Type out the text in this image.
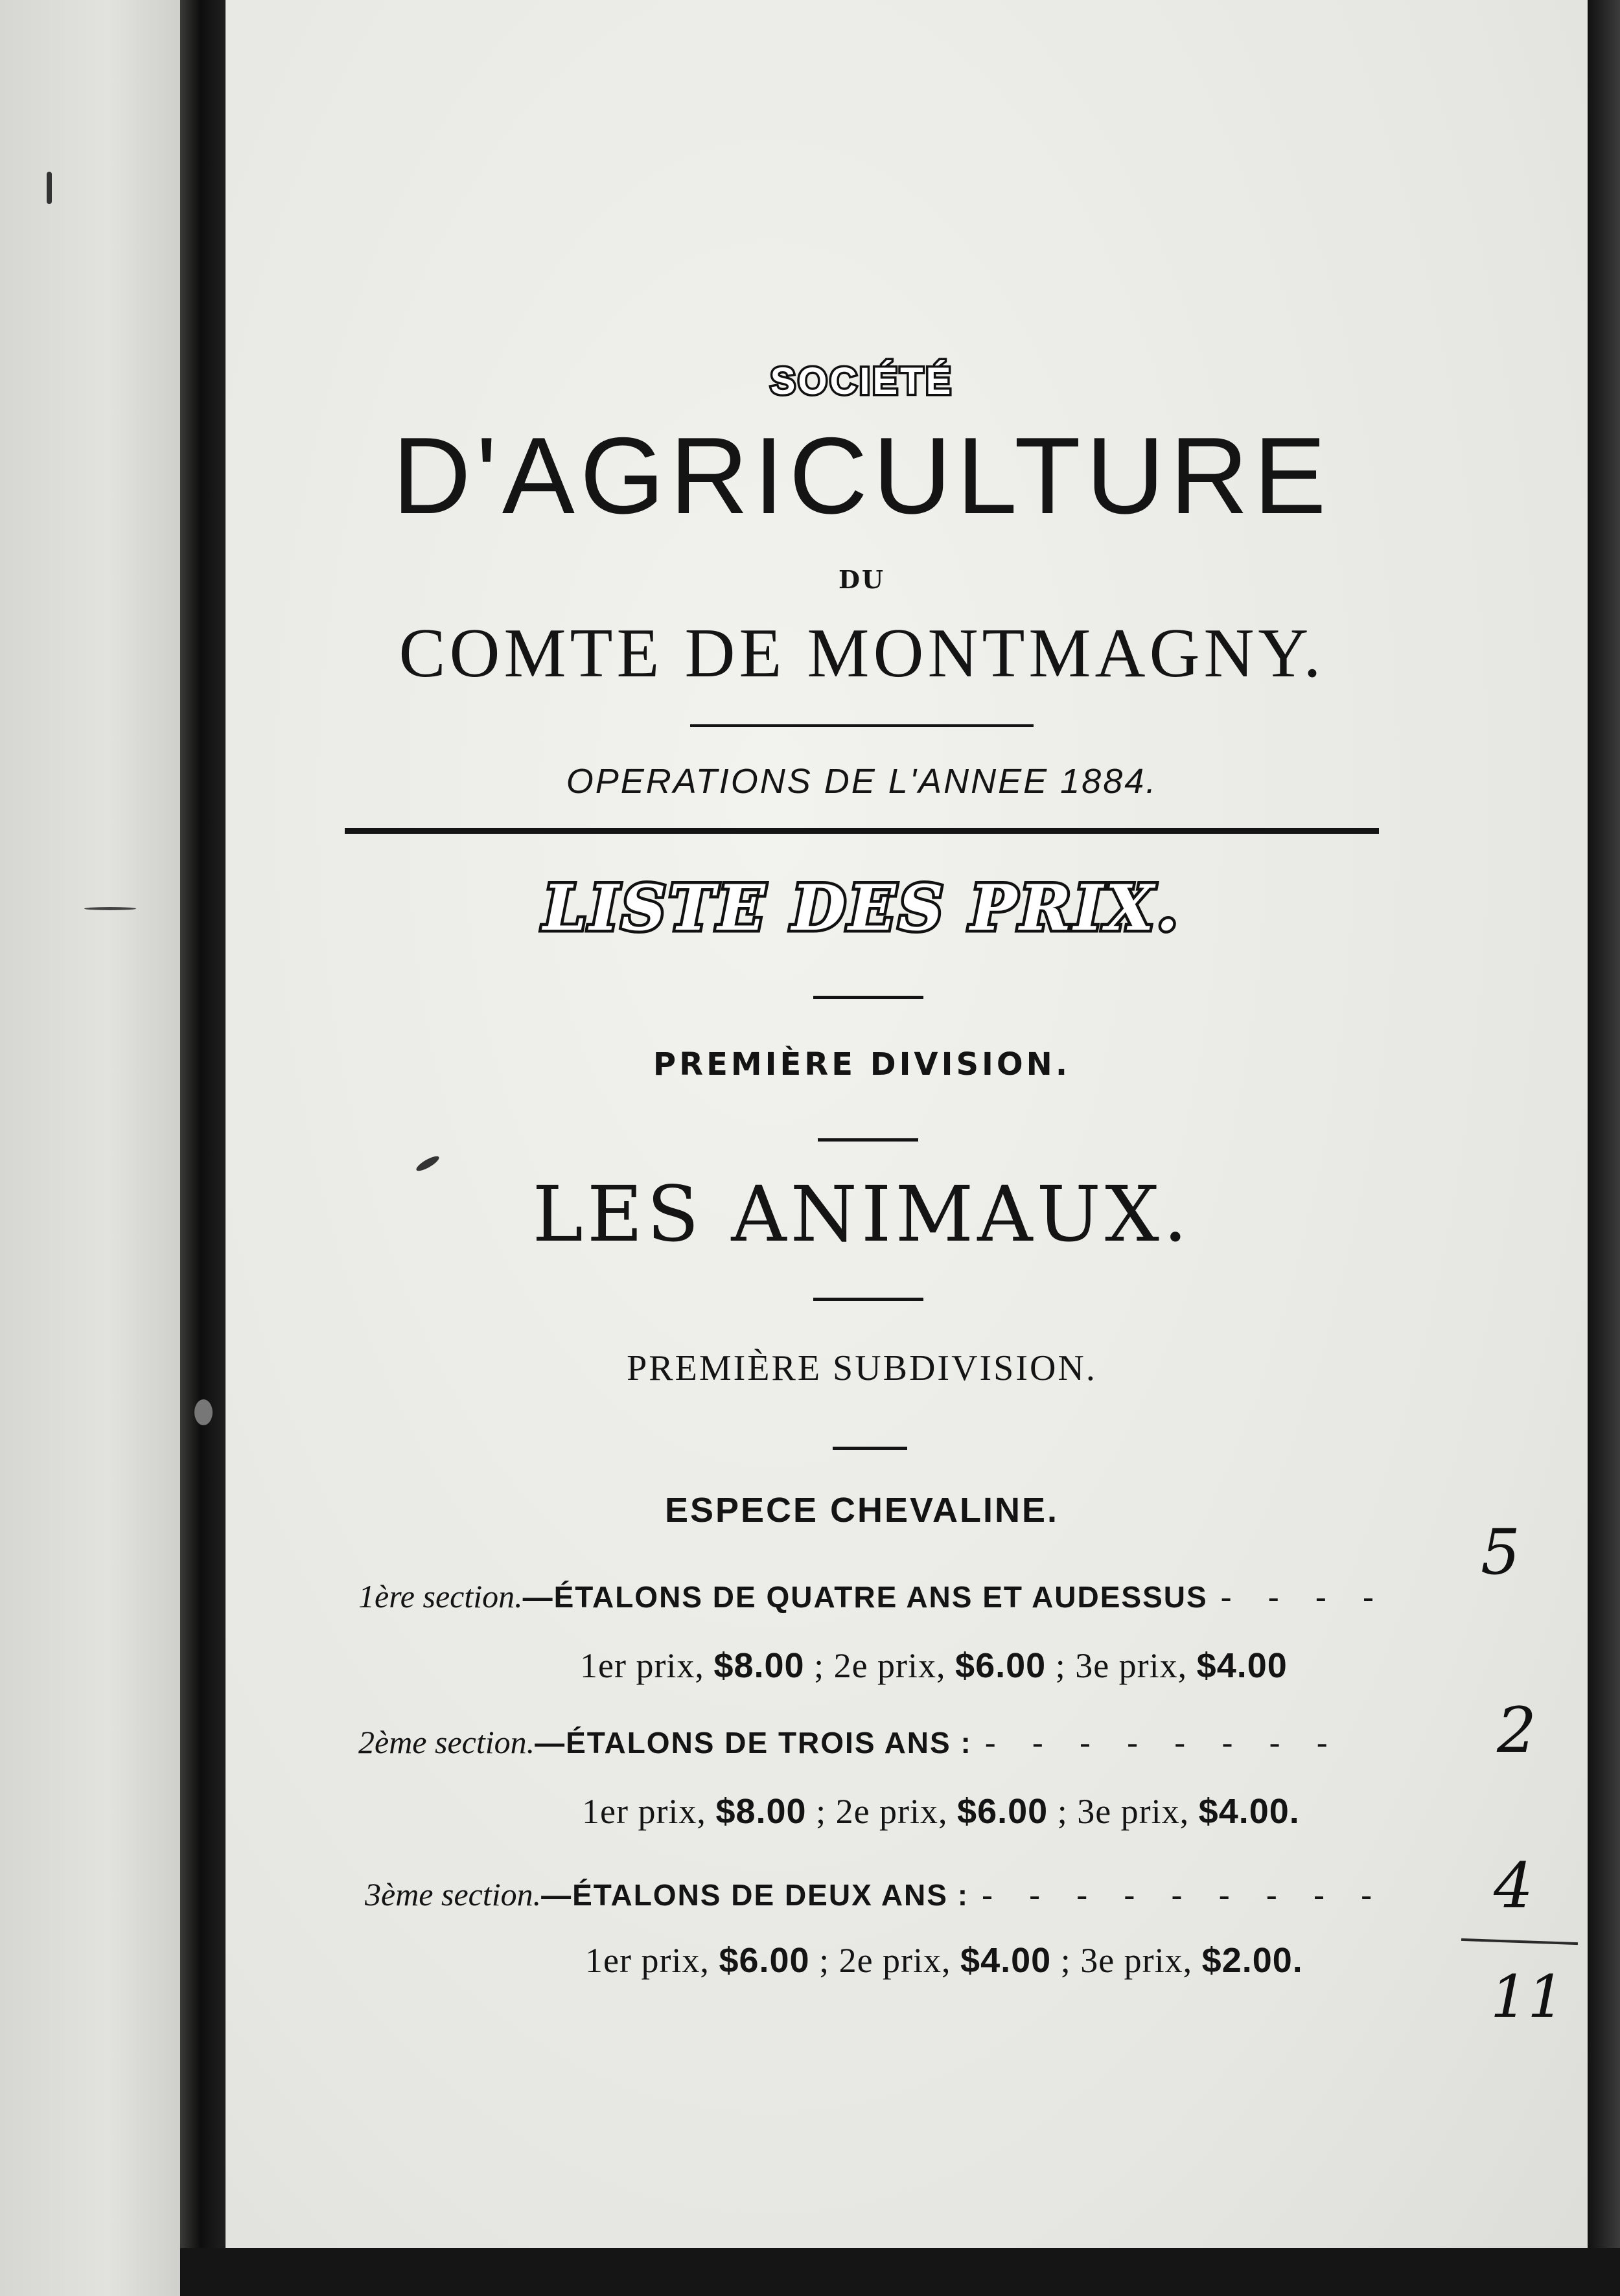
SOCIÉTÉ
D'AGRICULTURE
DU
COMTE DE MONTMAGNY.
OPERATIONS DE L'ANNEE 1884.
LISTE DES PRIX.
PREMIÈRE DIVISION.
LES ANIMAUX.
PREMIÈRE SUBDIVISION.
ESPECE CHEVALINE.
1ère section.—ÉTALONS DE QUATRE ANS ET AUDESSUS - - - -
1er prix, $8.00 ; 2e prix, $6.00 ; 3e prix, $4.00
5
2ème section.—ÉTALONS DE TROIS ANS : - - - - - - - -
1er prix, $8.00 ; 2e prix, $6.00 ; 3e prix, $4.00.
2
3ème section.—ÉTALONS DE DEUX ANS : - - - - - - - - -
1er prix, $6.00 ; 2e prix, $4.00 ; 3e prix, $2.00.
4
11
